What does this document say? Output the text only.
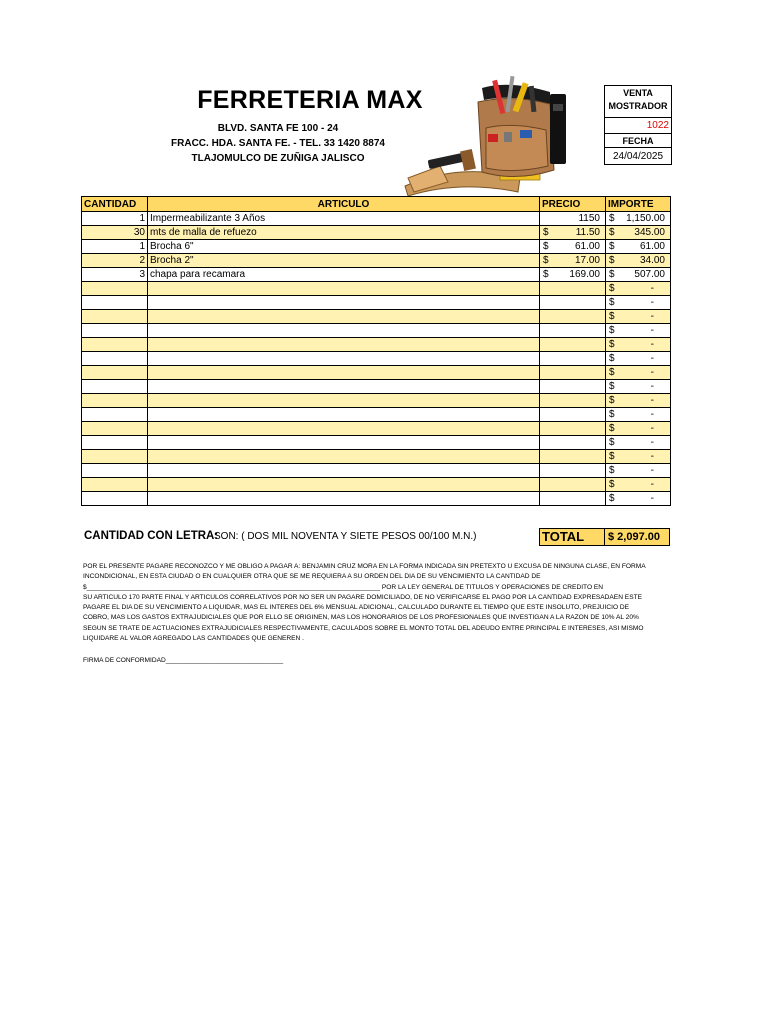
FERRETERIA MAX
BLVD. SANTA FE 100 - 24
FRACC. HDA. SANTA FE. - TEL. 33 1420 8874
TLAJOMULCO DE ZUÑIGA JALISCO
VENTA
MOSTRADOR
1022
FECHA
24/04/2025
CANTIDAD	ARTICULO	PRECIO	IMPORTE
1	Impermeabilizante 3 Años	1150	$ 1,150.00

30	mts de malla de refuezo	$ 11.50	$ 345.00

1	Brocha 6"	$ 61.00	$ 61.00

2	Brocha 2"	$ 17.00	$ 34.00

3	chapa para recamara	$ 169.00	$ 507.00

			$ -

			$ -

			$ -

			$ -

			$ -

			$ -

			$ -

			$ -

			$ -

			$ -

			$ -

			$ -

			$ -

			$ -

			$ -

			$ -
CANTIDAD CON LETRA:
SON: ( DOS MIL NOVENTA Y SIETE PESOS 00/100 M.N.)	TOTAL	$ 2,097.00

POR EL PRESENTE PAGARE RECONOZCO Y ME OBLIGO A PAGAR A: BENJAMIN CRUZ MORA EN LA FORMA INDICADA SIN PRETEXTO U EXCUSA DE NINGUNA CLASE, EN FORMA

INCONDICIONAL, EN ESTA CIUDAD O EN CUALQUIER OTRA QUE SE ME REQUIERA A SU ORDEN DEL DIA DE SU VENCIMIENTO LA CANTIDAD DE

$________________________________________________________________________________ POR LA LEY GENERAL DE TITULOS Y OPERACIONES DE CREDITO EN

SU ARTICULO 170 PARTE FINAL Y ARTICULOS CORRELATIVOS POR NO SER UN PAGARE DOMICILIADO, DE NO VERIFICARSE EL PAGO POR LA CANTIDAD EXPRESADAEN ESTE

PAGARE EL DIA DE SU VENCIMIENTO A LIQUIDAR, MAS EL INTERES DEL 6% MENSUAL ADICIONAL, CALCULADO DURANTE EL TIEMPO QUE ESTE INSOLUTO, PREJUICIO DE

COBRO, MAS LOS GASTOS EXTRAJUDICIALES QUE POR ELLO SE ORIGINEN, MAS LOS HONORARIOS DE LOS PROFESIONALES QUE INVESTIGAN A LA RAZON DE 10% AL 20%

SEGUN SE TRATE DE ACTUACIONES EXTRAJUDICIALES RESPECTIVAMENTE, CACULADOS SOBRE EL MONTO TOTAL DEL ADEUDO ENTRE PRINCIPAL E INTERESES, ASI MISMO

LIQUIDARE AL VALOR AGREGADO LAS CANTIDADES QUE GENEREN .

FIRMA DE CONFORMIDAD________________________________
